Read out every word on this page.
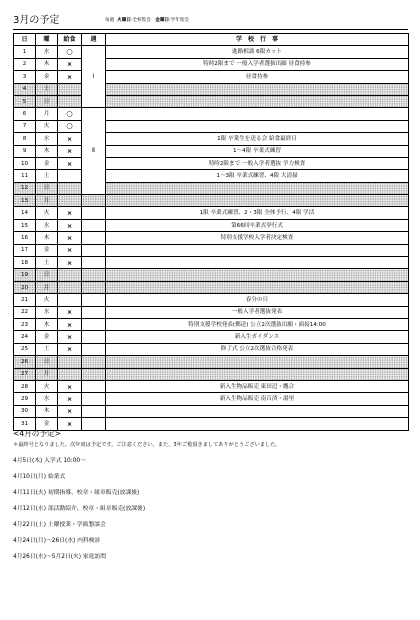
3月の予定	毎週 火曜日:全校集会 金曜日:学年集会
日	曜	給食	週	学　校　行　事
1	水	○	Ⅰ	進路相談 6限カット
2	木	×		特時2限まで 一般入学者選抜出願 昼食持参
3	金	×		昼食持参
4	土			
5	日			
6	月	○	Ⅱ	
7	火	○		
8	水	×		1限 卒業生を送る会 給食最終日
9	木	×		1～4限 卒業式練習
10	金	×		特時2限まで 一般入学者選抜 学力検査
11	土			1～3限 卒業式練習、4限 大清掃
12	日			
13	月			
14	火	×		1限 卒業式練習、2・3限 全体予行、4限 学活
15	水	×		第66回卒業式挙行式
16	木	×		特別支援学校入学者決定検査
17	金	×		
18	土	×		
19	日			
20	月			
21	火			春分の日
22	水	×		一般入学者選抜発表
23	木	×		特別支援学校発表(郵送) 公立2次選抜出願・面接14:00
24	金	×		新入生ガイダンス
25	土	×		修了式 公立2次選抜合格発表
26	日			
27	月			
28	火	×		新入生物品販売 東田辺・鷹合
29	水	×		新入生物品販売 南百済・湯里
30	木	×		
31	金	×		
<4月の予定>
＊最終号となりました。次年度は予定です。ご注意ください。また、3年ご覧頂きましてありがとうございました。
4月5日(木) 入学式 10:00～
4月10日(月) 始業式
4月11日(火) 初期指導、校章・組章販売(放課後)
4月12日(水) 部活動紹介、校章・組章販売(放課後)
4月22日(土) 土曜授業・学級懇談会
4月24日(月)～26日(水) 内科検診
4月26日(水)～5月2日(火) 家庭訪問
